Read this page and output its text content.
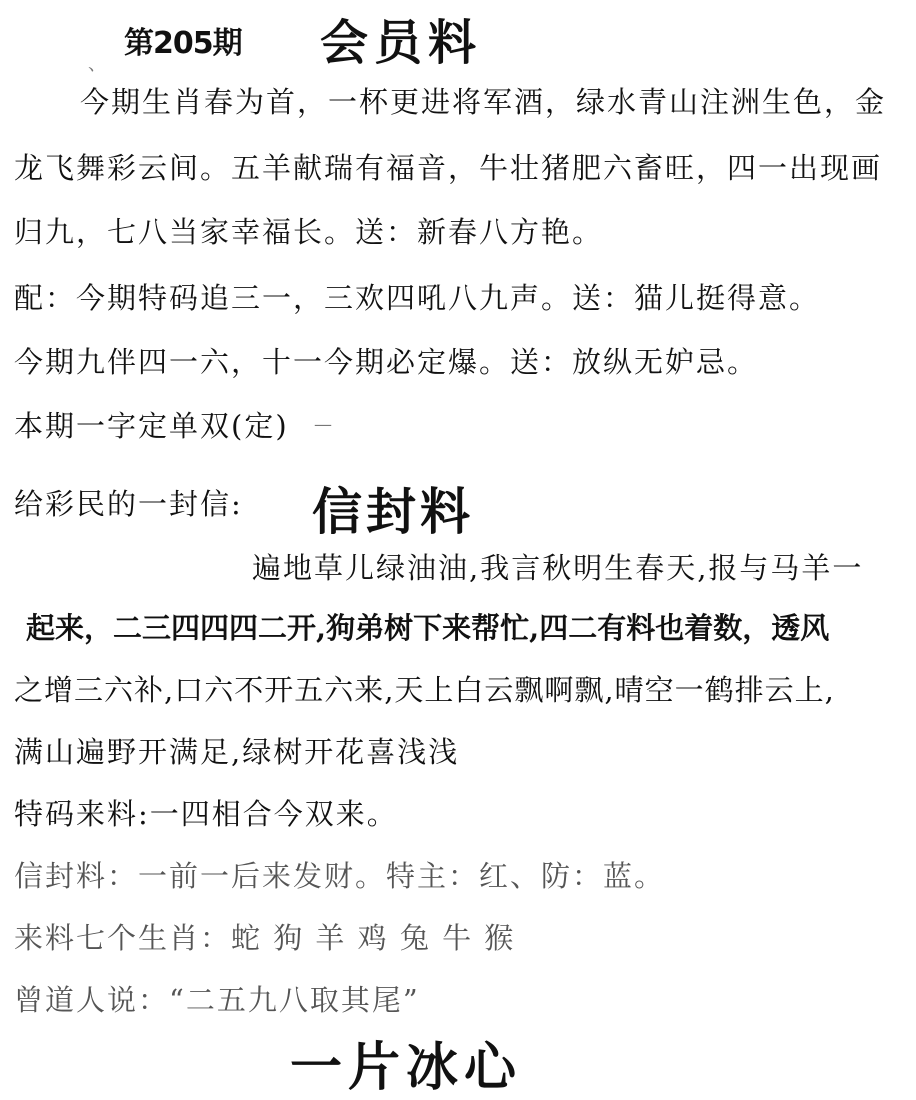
第205期 会员料
、
今期生肖春为首，一杯更进将军酒，绿水青山注洲生色，金
龙飞舞彩云间。五羊献瑞有福音，牛壮猪肥六畜旺，四一出现画
归九，七八当家幸福长。送：新春八方艳。
配：今期特码追三一，三欢四吼八九声。送：猫儿挺得意。
今期九伴四一六，十一今期必定爆。送：放纵无妒忌。
本期一字定单双(定) —
给彩民的一封信: 信封料
遍地草儿绿油油,我言秋明生春天,报与马羊一
起来，二三四四四二开,狗弟树下来帮忙,四二有料也着数，透风
之增三六补,口六不开五六来,天上白云飘啊飘,晴空一鹤排云上,
满山遍野开满足,绿树开花喜浅浅
特码来料:一四相合今双来。
信封料：一前一后来发财。特主：红、防：蓝。
来料七个生肖：蛇 狗 羊 鸡 兔 牛 猴
曾道人说：“二五九八取其尾”
一片冰心
